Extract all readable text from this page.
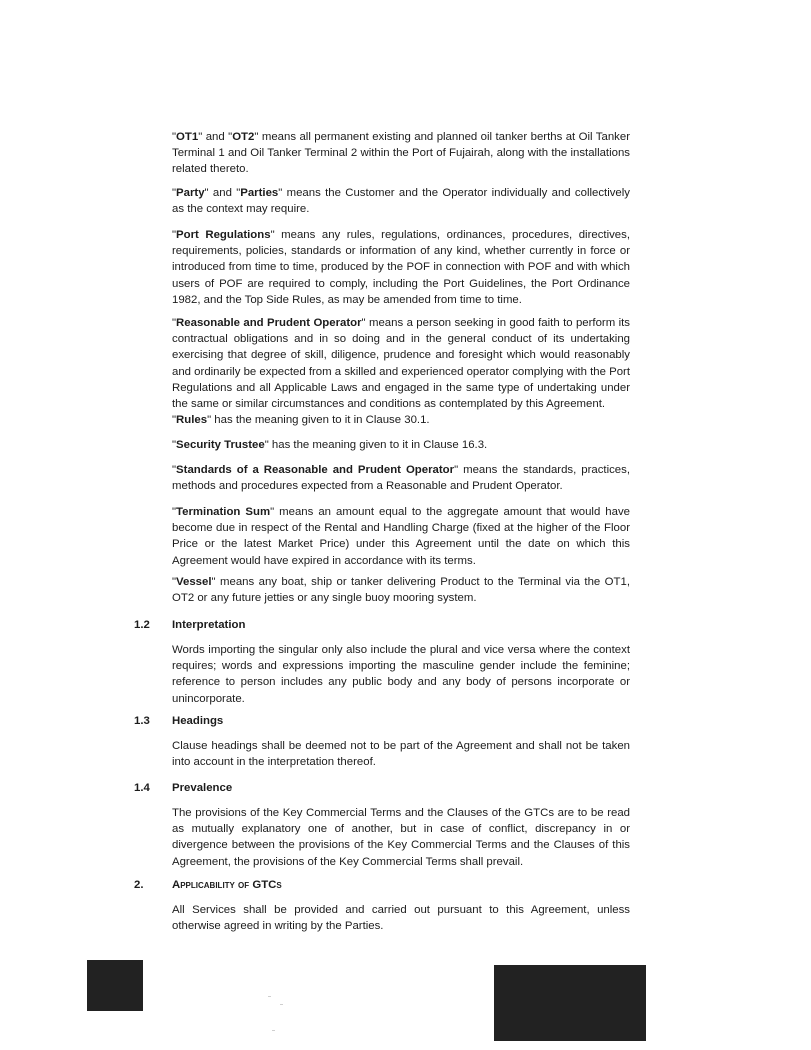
"OT1" and "OT2" means all permanent existing and planned oil tanker berths at Oil Tanker Terminal 1 and Oil Tanker Terminal 2 within the Port of Fujairah, along with the installations related thereto.

"Party" and "Parties" means the Customer and the Operator individually and collectively as the context may require.

"Port Regulations" means any rules, regulations, ordinances, procedures, directives, requirements, policies, standards or information of any kind, whether currently in force or introduced from time to time, produced by the POF in connection with POF and with which users of POF are required to comply, including the Port Guidelines, the Port Ordinance 1982, and the Top Side Rules, as may be amended from time to time.

"Reasonable and Prudent Operator" means a person seeking in good faith to perform its contractual obligations and in so doing and in the general conduct of its undertaking exercising that degree of skill, diligence, prudence and foresight which would reasonably and ordinarily be expected from a skilled and experienced operator complying with the Port Regulations and all Applicable Laws and engaged in the same type of undertaking under the same or similar circumstances and conditions as contemplated by this Agreement.

"Rules" has the meaning given to it in Clause 30.1.

"Security Trustee" has the meaning given to it in Clause 16.3.

"Standards of a Reasonable and Prudent Operator" means the standards, practices, methods and procedures expected from a Reasonable and Prudent Operator.

"Termination Sum" means an amount equal to the aggregate amount that would have become due in respect of the Rental and Handling Charge (fixed at the higher of the Floor Price or the latest Market Price) under this Agreement until the date on which this Agreement would have expired in accordance with its terms.

"Vessel" means any boat, ship or tanker delivering Product to the Terminal via the OT1, OT2 or any future jetties or any single buoy mooring system.

1.2 Interpretation

Words importing the singular only also include the plural and vice versa where the context requires; words and expressions importing the masculine gender include the feminine; reference to person includes any public body and any body of persons incorporate or unincorporate.

1.3 Headings

Clause headings shall be deemed not to be part of the Agreement and shall not be taken into account in the interpretation thereof.

1.4 Prevalence

The provisions of the Key Commercial Terms and the Clauses of the GTCs are to be read as mutually explanatory one of another, but in case of conflict, discrepancy in or divergence between the provisions of the Key Commercial Terms and the Clauses of this Agreement, the provisions of the Key Commercial Terms shall prevail.

2.	Applicability of GTCs

All Services shall be provided and carried out pursuant to this Agreement, unless otherwise agreed in writing by the Parties.
